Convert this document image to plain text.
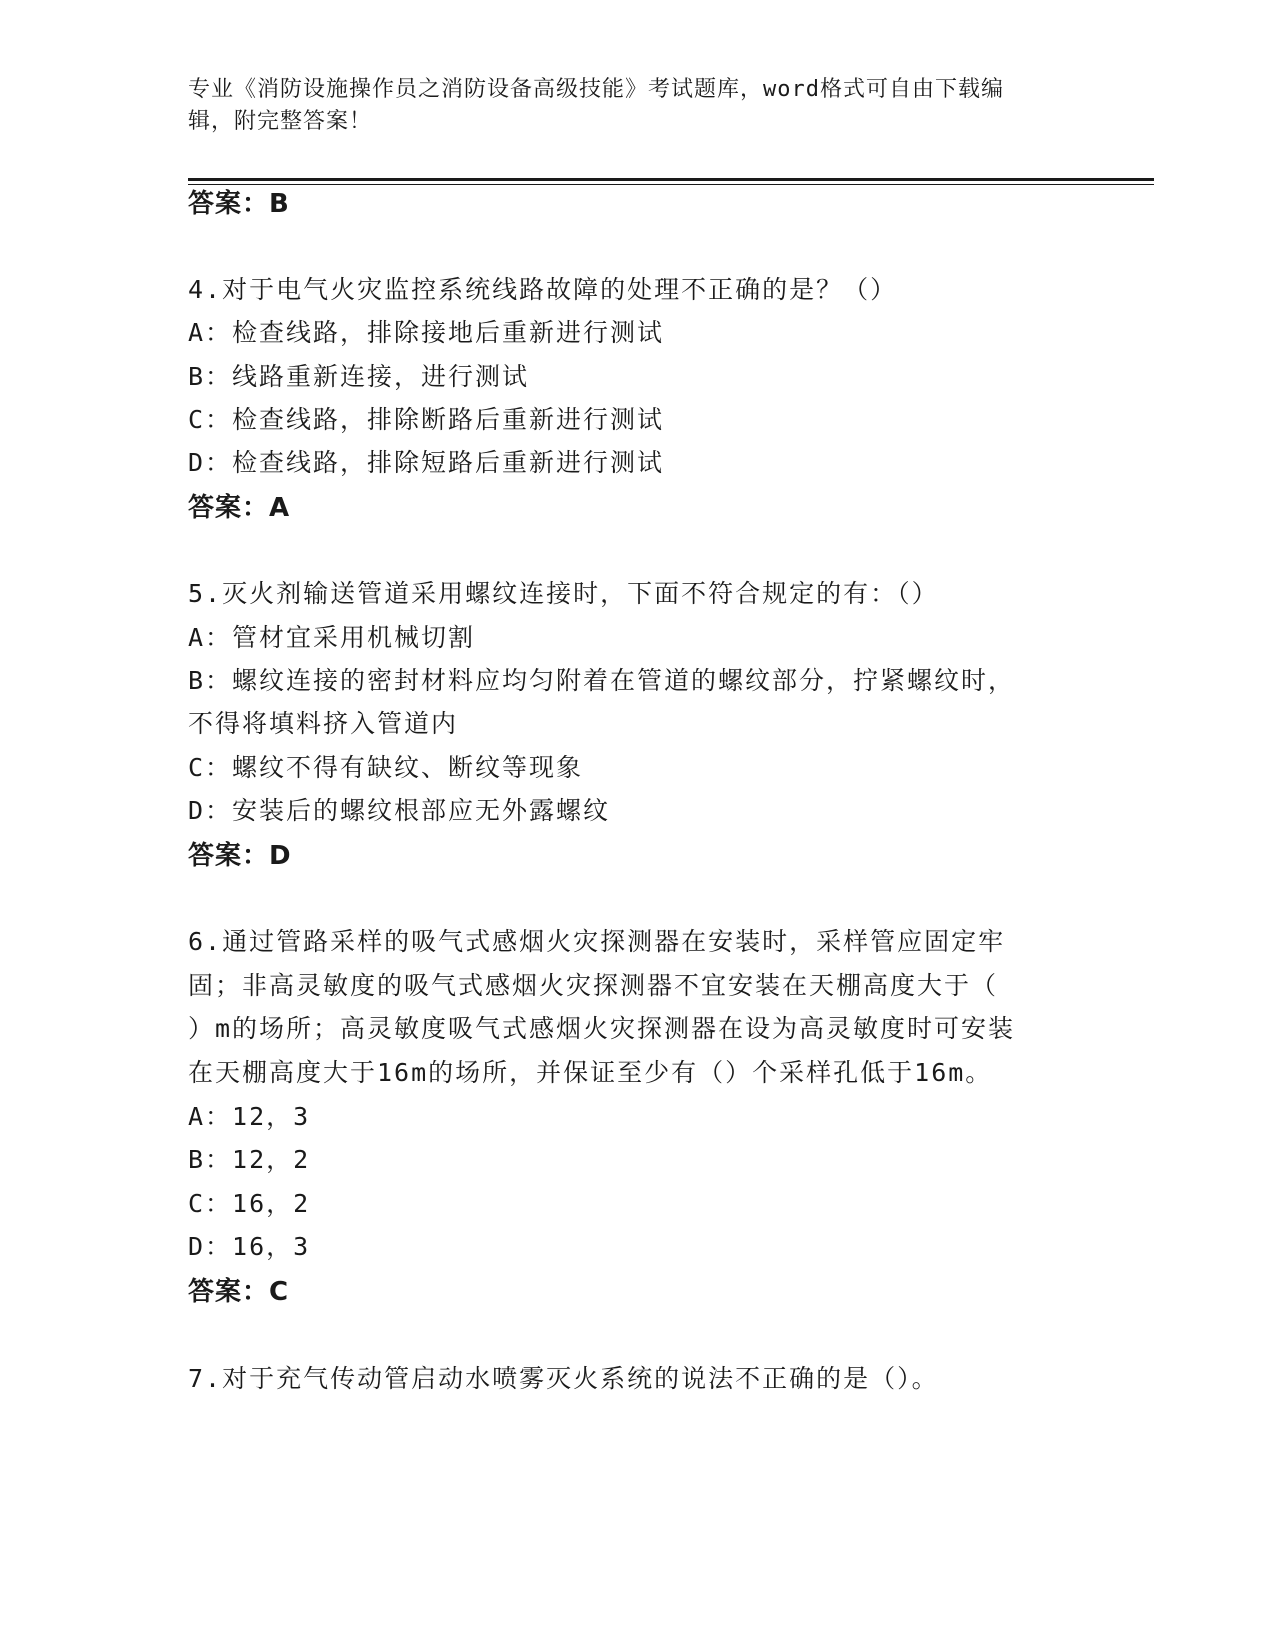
专业《消防设施操作员之消防设备高级技能》考试题库，word格式可自由下载编
辑，附完整答案！
答案：B
4.对于电气火灾监控系统线路故障的处理不正确的是？（）
A：检查线路，排除接地后重新进行测试
B：线路重新连接，进行测试
C：检查线路，排除断路后重新进行测试
D：检查线路，排除短路后重新进行测试
答案：A
5.灭火剂输送管道采用螺纹连接时，下面不符合规定的有：（）
A：管材宜采用机械切割
B：螺纹连接的密封材料应均匀附着在管道的螺纹部分，拧紧螺纹时，
不得将填料挤入管道内
C：螺纹不得有缺纹、断纹等现象
D：安装后的螺纹根部应无外露螺纹
答案：D
6.通过管路采样的吸气式感烟火灾探测器在安装时，采样管应固定牢
固；非高灵敏度的吸气式感烟火灾探测器不宜安装在天棚高度大于（
）m的场所；高灵敏度吸气式感烟火灾探测器在设为高灵敏度时可安装
在天棚高度大于16m的场所，并保证至少有（）个采样孔低于16m。
A：12，3
B：12，2
C：16，2
D：16，3
答案：C
7.对于充气传动管启动水喷雾灭火系统的说法不正确的是（）。
